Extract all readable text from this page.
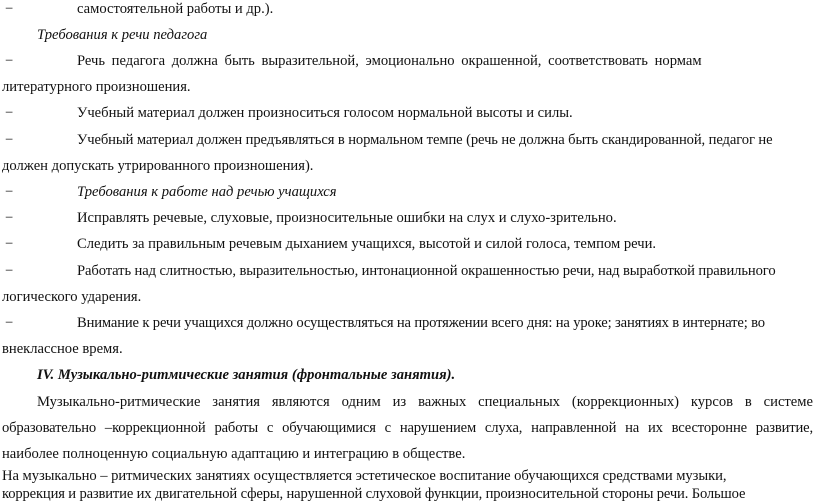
−	самостоятельной работы и др.).
Требования к речи педагога
−	Речь педагога должна быть выразительной, эмоционально окрашенной, соответствовать нормам
литературного произношения.
−	Учебный материал должен произноситься голосом нормальной высоты и силы.
−	Учебный материал должен предъявляться в нормальном темпе (речь не должна быть скандированной, педагог не
должен допускать утрированного произношения).
−	Требования к работе над речью учащихся
−	Исправлять речевые, слуховые, произносительные ошибки на слух и слухо-зрительно.
−	Следить за правильным речевым дыханием учащихся, высотой и силой голоса, темпом речи.
−	Работать над слитностью, выразительностью, интонационной окрашенностью речи, над выработкой правильного
логического ударения.
−	Внимание к речи учащихся должно осуществляться на протяжении всего дня: на уроке; занятиях в интернате; во
внеклассное время.
IV. Музыкально-ритмические занятия (фронтальные занятия).
Музыкально-ритмические занятия являются одним из важных специальных (коррекционных) курсов в системе
образовательно –коррекционной работы с обучающимися с нарушением слуха, направленной на их всесторонне развитие,
наиболее полноценную социальную адаптацию и интеграцию в обществе.
На музыкально – ритмических занятиях осуществляется эстетическое воспитание обучающихся средствами музыки,
коррекция и развитие их двигательной сферы, нарушенной слуховой функции, произносительной стороны речи. Большое
